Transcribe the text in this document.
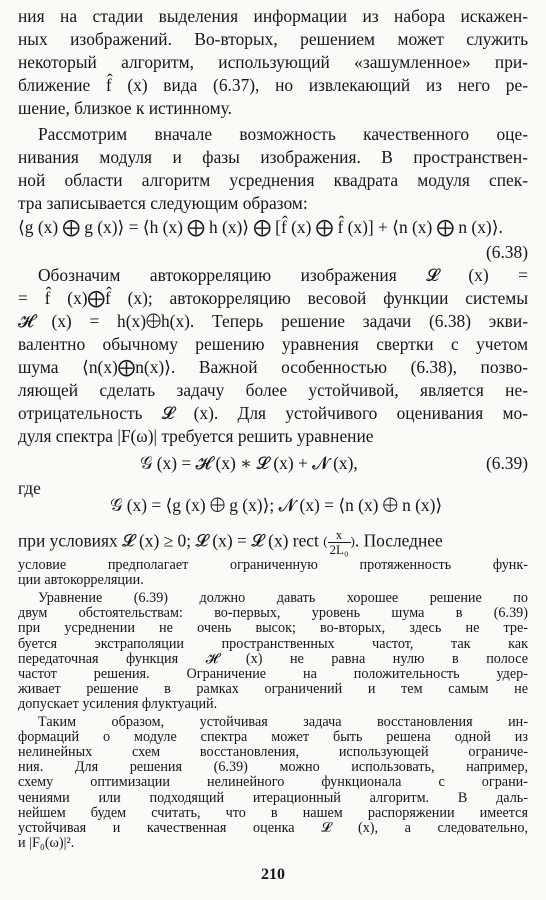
ния на стадии выделения информации из набора искажен-
ных изображений. Во-вторых, решением может служить
некоторый алгоритм, использующий «зашумленное» при-
ближение f̂ (x) вида (6.37), но извлекающий из него ре-
шение, близкое к истинному.
Рассмотрим вначале возможность качественного оце-
нивания модуля и фазы изображения. В пространствен-
ной области алгоритм усреднения квадрата модуля спек-
тра записывается следующим образом:
⟨g (x) ⨁ g (x)⟩ = ⟨h (x) ⨁ h (x)⟩ ⨁ [f̂ (x) ⨁ f̂ (x)] + ⟨n (x) ⨁ n (x)⟩.
(6.38)
Обозначим автокорреляцию изображения 𝓛 (x) =
= f̂ (x)⨁f̂ (x); автокорреляцию весовой функции системы
𝓗 (x) = h(x)⨁h(x). Теперь решение задачи (6.38) экви-
валентно обычному решению уравнения свертки с учетом
шума ⟨n(x)⨁n(x)⟩. Важной особенностью (6.38), позво-
ляющей сделать задачу более устойчивой, является не-
отрицательность 𝓛 (x). Для устойчивого оценивания мо-
дуля спектра |F(ω)| требуется решить уравнение
𝒢 (x) = 𝓗 (x) ∗ 𝓛 (x) + 𝓝 (x),	(6.39)
где
𝒢 (x) = ⟨g (x) ⨁ g (x)⟩; 𝓝 (x) = ⟨n (x) ⨁ n (x)⟩
при условиях 𝓛 (x) ≥ 0; 𝓛 (x) = 𝓛 (x) rect ( $\frac{x}{\text{2L₀}}$ ). Последнее
условие предполагает ограниченную протяженность функ-
ции автокорреляции.
Уравнение (6.39) должно давать хорошее решение по
двум обстоятельствам: во-первых, уровень шума в (6.39)
при усреднении не очень высок; во-вторых, здесь не тре-
буется экстраполяции пространственных частот, так как
передаточная функция 𝓗 (x) не равна нулю в полосе
частот решения. Ограничение на положительность удер-
живает решение в рамках ограничений и тем самым не
допускает усиления флуктуаций.
Таким образом, устойчивая задача восстановления ин-
формаций о модуле спектра может быть решена одной из
нелинейных схем восстановления, использующей ограниче-
ния. Для решения (6.39) можно использовать, например,
схему оптимизации нелинейного функционала с ограни-
чениями или подходящий итерационный алгоритм. В даль-
нейшем будем считать, что в нашем распоряжении имеется
устойчивая и качественная оценка 𝓛 (x), а следовательно,
и |F₀(ω)|².
210
